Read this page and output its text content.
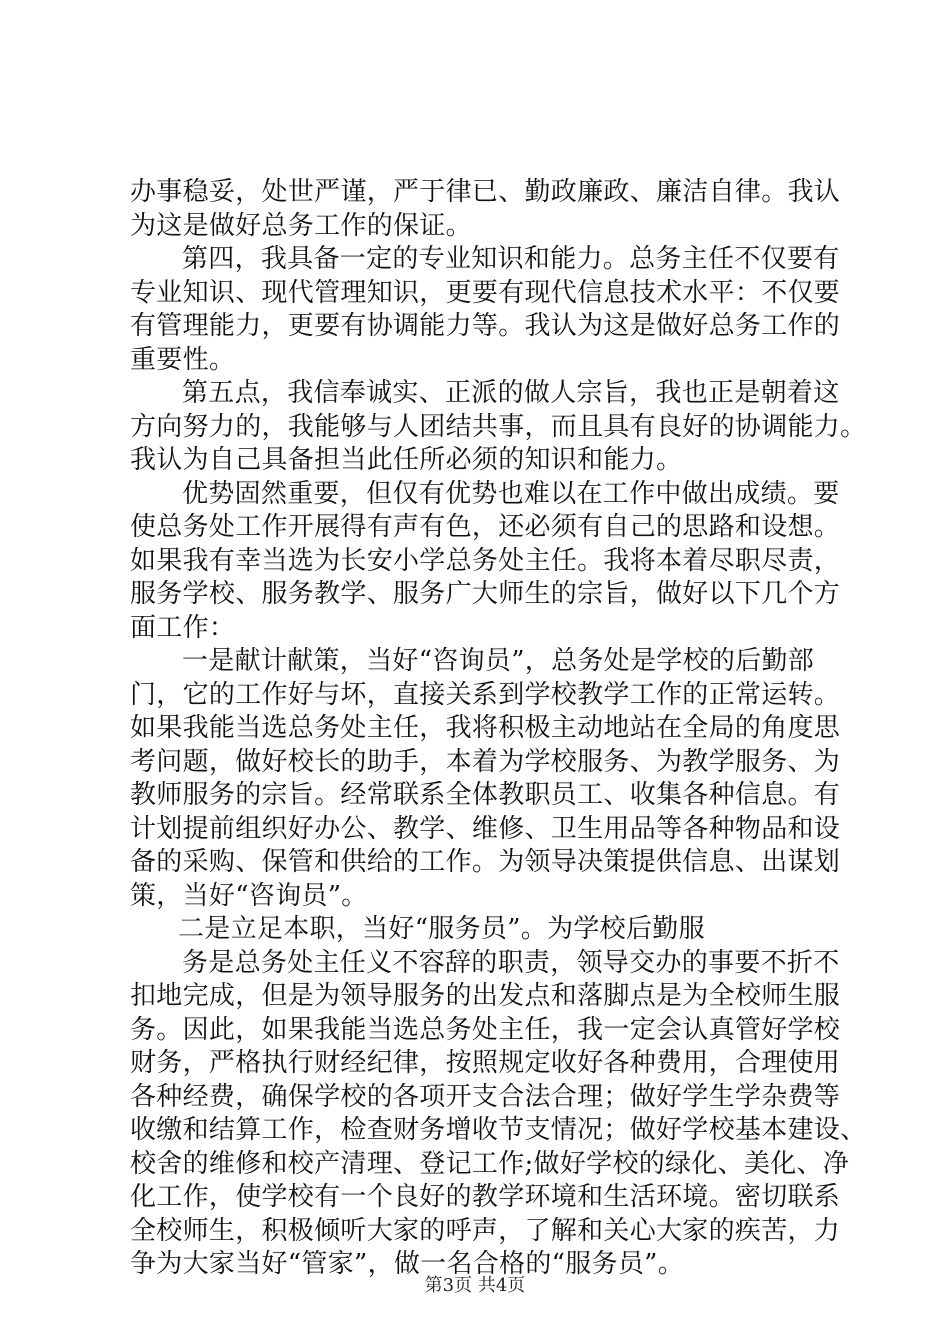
办事稳妥，处世严谨，严于律已、勤政廉政、廉洁自律。我认
为这是做好总务工作的保证。
第四，我具备一定的专业知识和能力。总务主任不仅要有
专业知识、现代管理知识，更要有现代信息技术水平：不仅要
有管理能力，更要有协调能力等。我认为这是做好总务工作的
重要性。
第五点，我信奉诚实、正派的做人宗旨，我也正是朝着这
方向努力的，我能够与人团结共事，而且具有良好的协调能力。
我认为自己具备担当此任所必须的知识和能力。
优势固然重要，但仅有优势也难以在工作中做出成绩。要
使总务处工作开展得有声有色，还必须有自己的思路和设想。
如果我有幸当选为长安小学总务处主任。我将本着尽职尽责，
服务学校、服务教学、服务广大师生的宗旨，做好以下几个方
面工作：
一是献计献策，当好“咨询员”，总务处是学校的后勤部
门，它的工作好与坏，直接关系到学校教学工作的正常运转。
如果我能当选总务处主任，我将积极主动地站在全局的角度思
考问题，做好校长的助手，本着为学校服务、为教学服务、为
教师服务的宗旨。经常联系全体教职员工、收集各种信息。有
计划提前组织好办公、教学、维修、卫生用品等各种物品和设
备的采购、保管和供给的工作。为领导决策提供信息、出谋划
策，当好“咨询员”。
二是立足本职，当好“服务员”。为学校后勤服
务是总务处主任义不容辞的职责，领导交办的事要不折不
扣地完成，但是为领导服务的出发点和落脚点是为全校师生服
务。因此，如果我能当选总务处主任，我一定会认真管好学校
财务，严格执行财经纪律，按照规定收好各种费用，合理使用
各种经费，确保学校的各项开支合法合理；做好学生学杂费等
收缴和结算工作，检查财务增收节支情况；做好学校基本建设、
校舍的维修和校产清理、登记工作;做好学校的绿化、美化、净
化工作，使学校有一个良好的教学环境和生活环境。密切联系
全校师生，积极倾听大家的呼声，了解和关心大家的疾苦，力
争为大家当好“管家”，做一名合格的“服务员”。
第3页 共4页
